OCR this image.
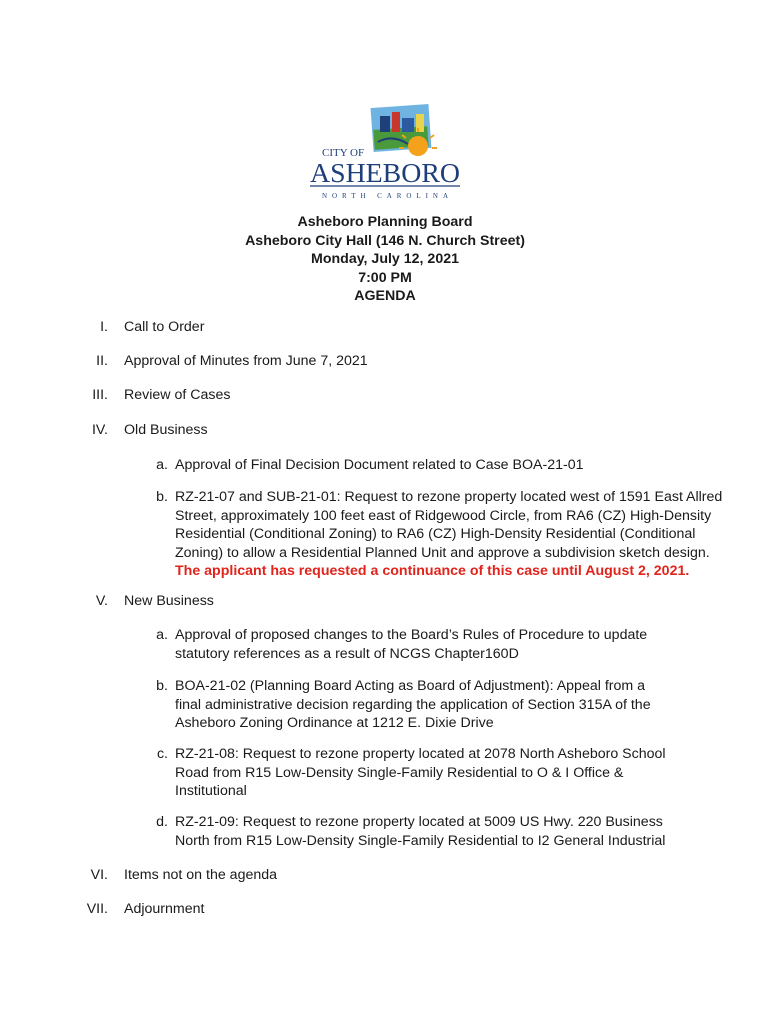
CITY OF
ASHEBORO
NORTH CAROLINA
Asheboro Planning Board
Asheboro City Hall (146 N. Church Street)
Monday, July 12, 2021
7:00 PM
AGENDA
I. Call to Order
II. Approval of Minutes from June 7, 2021
III. Review of Cases
IV. Old Business
a. Approval of Final Decision Document related to Case BOA-21-01
b. RZ-21-07 and SUB-21-01: Request to rezone property located west of 1591 East Allred
Street, approximately 100 feet east of Ridgewood Circle, from RA6 (CZ) High-Density
Residential (Conditional Zoning) to RA6 (CZ) High-Density Residential (Conditional
Zoning) to allow a Residential Planned Unit and approve a subdivision sketch design.
The applicant has requested a continuance of this case until August 2, 2021.
V. New Business
a. Approval of proposed changes to the Board’s Rules of Procedure to update
statutory references as a result of NCGS Chapter160D
b. BOA-21-02 (Planning Board Acting as Board of Adjustment): Appeal from a
final administrative decision regarding the application of Section 315A of the
Asheboro Zoning Ordinance at 1212 E. Dixie Drive
c. RZ-21-08: Request to rezone property located at 2078 North Asheboro School
Road from R15 Low-Density Single-Family Residential to O & I Office &
Institutional
d. RZ-21-09: Request to rezone property located at 5009 US Hwy. 220 Business
North from R15 Low-Density Single-Family Residential to I2 General Industrial
VI. Items not on the agenda
VII. Adjournment
